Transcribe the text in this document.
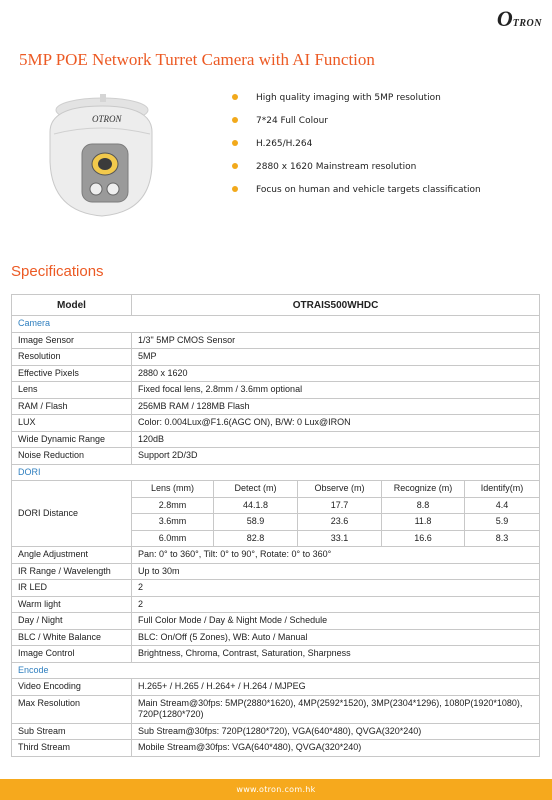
OTRON
5MP POE Network Turret Camera with AI Function
OTRON
High quality imaging with 5MP resolution
7*24 Full Colour
H.265/H.264
2880 x 1620 Mainstream resolution
Focus on human and vehicle targets classification
Specifications
Model	OTRAIS500WHDC				
Camera					
Image Sensor	1/3" 5MP CMOS Sensor				
Resolution	5MP				
Effective Pixels	2880 x 1620				
Lens	Fixed focal lens, 2.8mm / 3.6mm optional				
RAM / Flash	256MB RAM / 128MB Flash				
LUX	Color: 0.004Lux@F1.6(AGC ON), B/W: 0 Lux@IRON				
Wide Dynamic Range	120dB				
Noise Reduction	Support 2D/3D				
DORI					
DORI Distance	Lens (mm)	Detect (m)	Observe (m)	Recognize (m)	Identify(m)
	2.8mm	44.1.8	17.7	8.8	4.4
	3.6mm	58.9	23.6	11.8	5.9
	6.0mm	82.8	33.1	16.6	8.3
Angle Adjustment	Pan: 0° to 360°, Tilt: 0° to 90°, Rotate: 0° to 360°				
IR Range / Wavelength	Up to 30m				
IR LED	2				
Warm light	2				
Day / Night	Full Color Mode / Day & Night Mode / Schedule				
BLC / White Balance	BLC: On/Off (5 Zones), WB: Auto / Manual				
Image Control	Brightness, Chroma, Contrast, Saturation, Sharpness				
Encode					
Video Encoding	H.265+ / H.265 / H.264+ / H.264 / MJPEG				
Max Resolution	Main Stream@30fps: 5MP(2880*1620), 4MP(2592*1520), 3MP(2304*1296), 1080P(1920*1080), 720P(1280*720)				
Sub Stream	Sub Stream@30fps: 720P(1280*720), VGA(640*480), QVGA(320*240)				
Third Stream	Mobile Stream@30fps: VGA(640*480), QVGA(320*240)				
www.otron.com.hk
